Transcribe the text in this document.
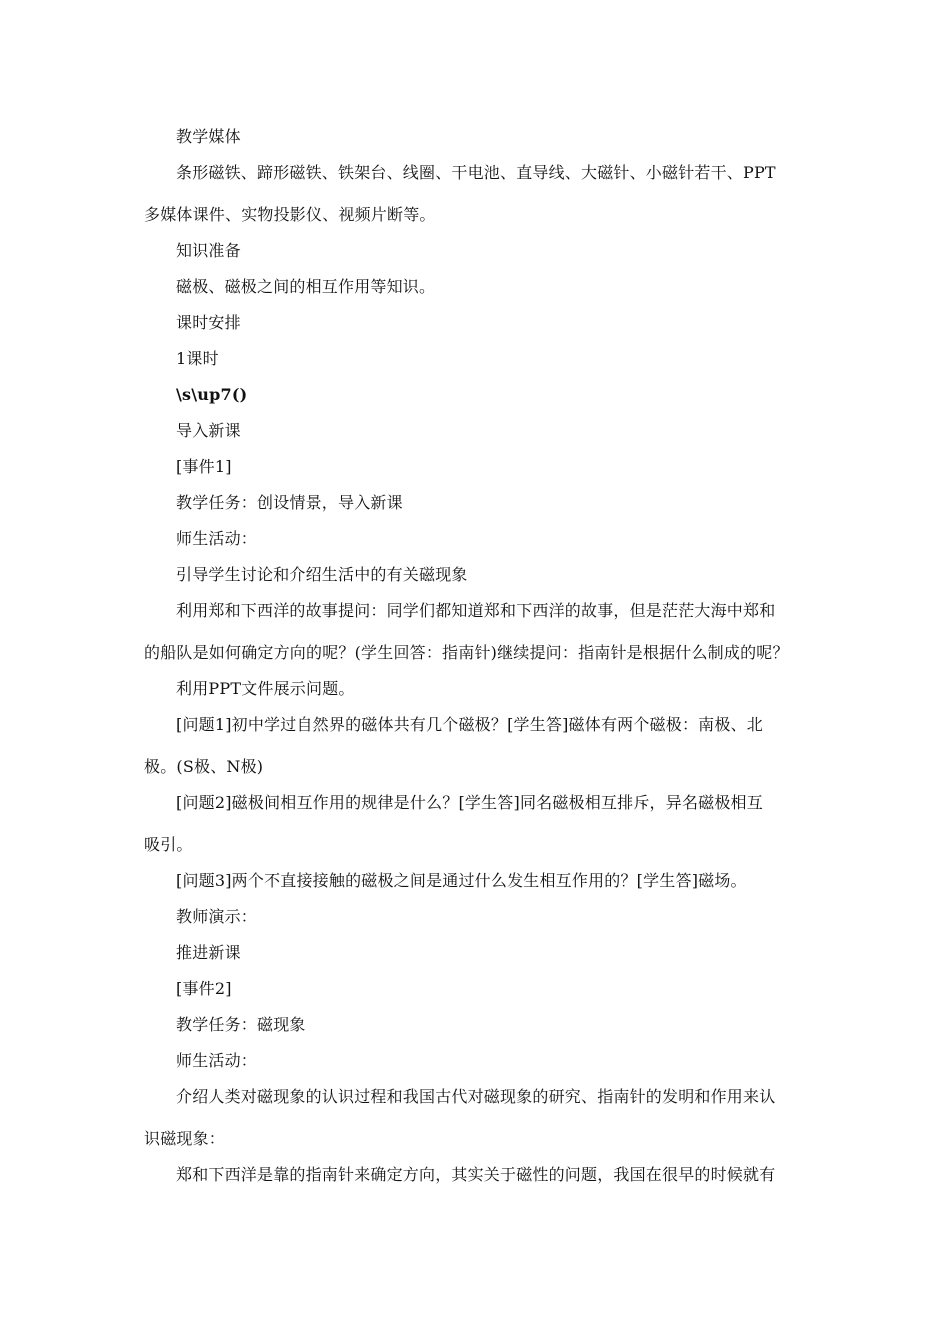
教学媒体
条形磁铁、蹄形磁铁、铁架台、线圈、干电池、直导线、大磁针、小磁针若干、PPT
多媒体课件、实物投影仪、视频片断等。
知识准备
磁极、磁极之间的相互作用等知识。
课时安排
1课时
\s\up7()
导入新课
[事件1]
教学任务：创设情景，导入新课
师生活动：
引导学生讨论和介绍生活中的有关磁现象
利用郑和下西洋的故事提问：同学们都知道郑和下西洋的故事，但是茫茫大海中郑和
的船队是如何确定方向的呢？(学生回答：指南针)继续提问：指南针是根据什么制成的呢？
利用PPT文件展示问题。
[问题1]初中学过自然界的磁体共有几个磁极？[学生答]磁体有两个磁极：南极、北
极。(S极、N极)
[问题2]磁极间相互作用的规律是什么？[学生答]同名磁极相互排斥，异名磁极相互
吸引。
[问题3]两个不直接接触的磁极之间是通过什么发生相互作用的？[学生答]磁场。
教师演示：
推进新课
[事件2]
教学任务：磁现象
师生活动：
介绍人类对磁现象的认识过程和我国古代对磁现象的研究、指南针的发明和作用来认
识磁现象：
郑和下西洋是靠的指南针来确定方向，其实关于磁性的问题，我国在很早的时候就有
